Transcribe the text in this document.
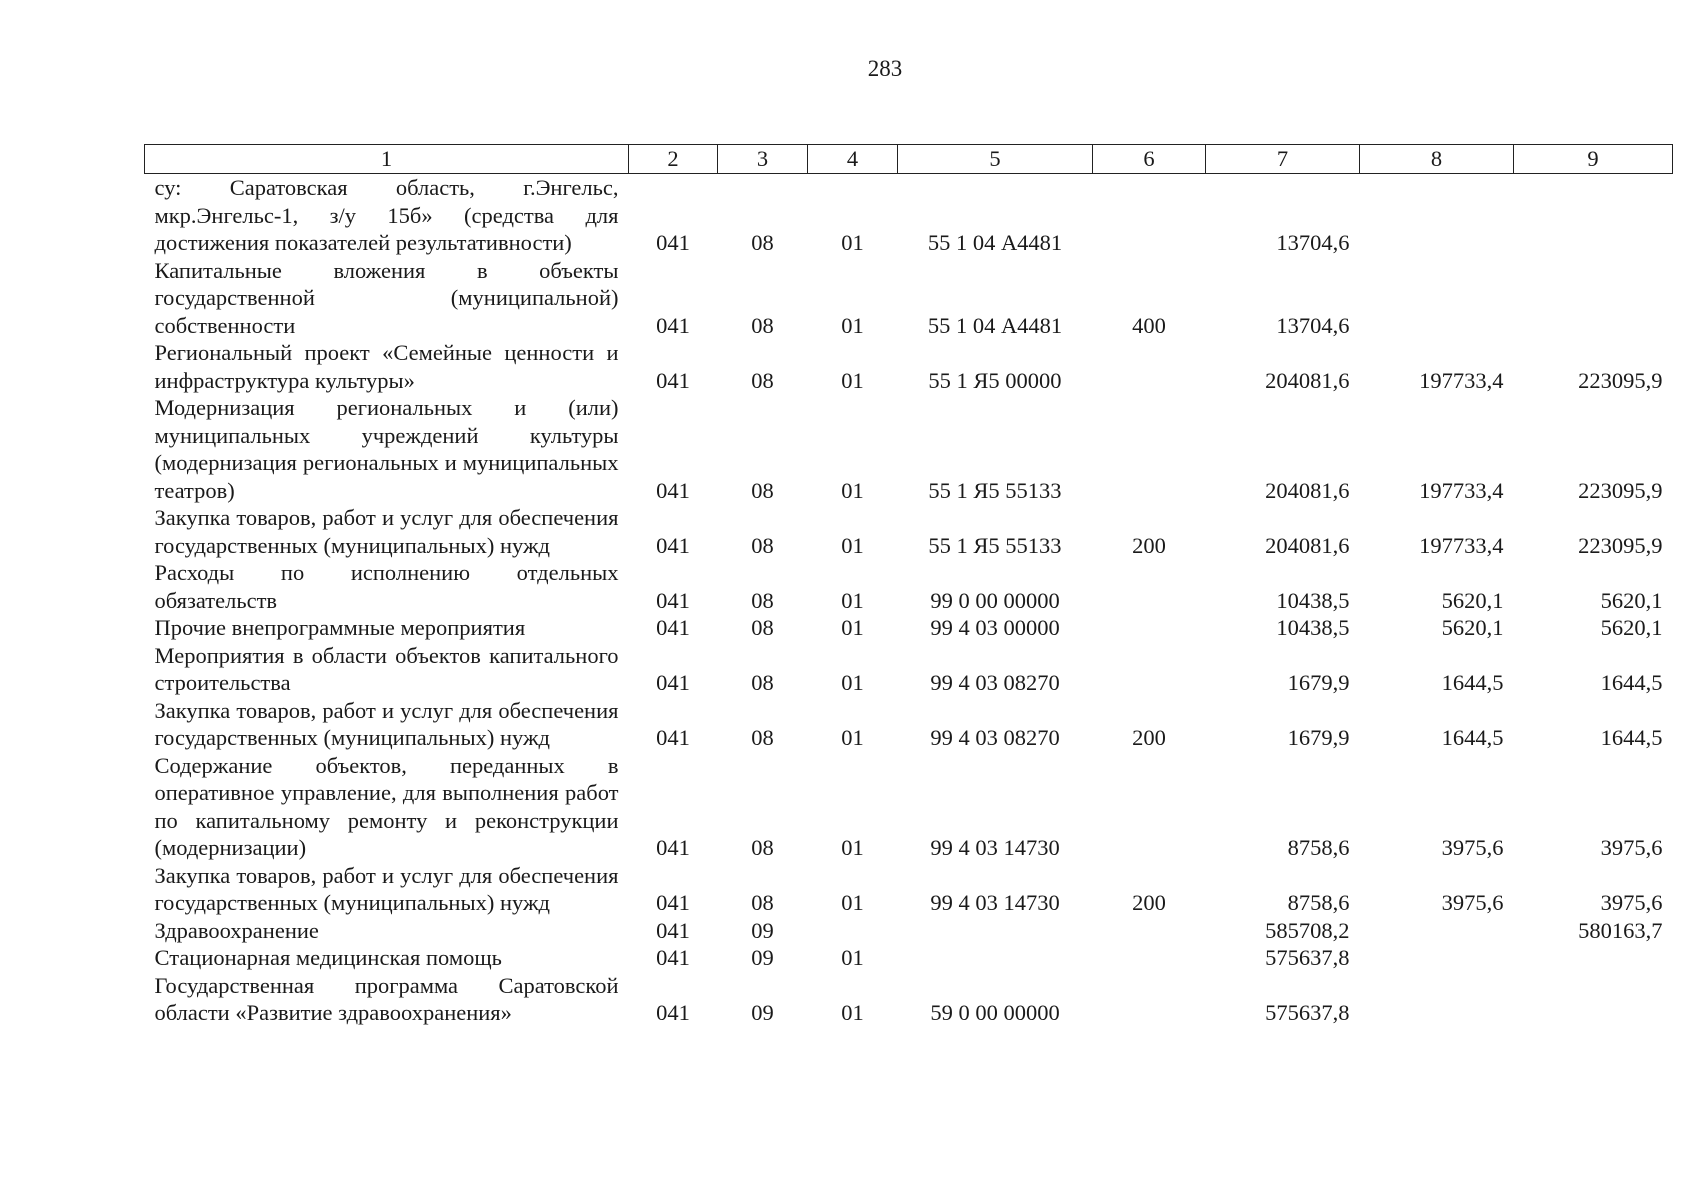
283
1	2	3	4	5	6	7	8	9
су: Саратовская область, г.Энгельс, мкр.Энгельс-1, з/у 15б» (средства для достижения показателей результативности)	041	08	01	55 1 04 А4481		13704,6		
Капитальные вложения в объекты государственной (муниципальной) собственности	041	08	01	55 1 04 А4481	400	13704,6		
Региональный проект «Семейные ценности и инфраструктура культуры»	041	08	01	55 1 Я5 00000		204081,6	197733,4	223095,9
Модернизация региональных и (или) муниципальных учреждений культуры (модернизация региональных и муниципальных театров)	041	08	01	55 1 Я5 55133		204081,6	197733,4	223095,9
Закупка товаров, работ и услуг для обеспечения государственных (муниципальных) нужд	041	08	01	55 1 Я5 55133	200	204081,6	197733,4	223095,9
Расходы по исполнению отдельных обязательств	041	08	01	99 0 00 00000		10438,5	5620,1	5620,1
Прочие внепрограммные мероприятия	041	08	01	99 4 03 00000		10438,5	5620,1	5620,1
Мероприятия в области объектов капитального строительства	041	08	01	99 4 03 08270		1679,9	1644,5	1644,5
Закупка товаров, работ и услуг для обеспечения государственных (муниципальных) нужд	041	08	01	99 4 03 08270	200	1679,9	1644,5	1644,5
Содержание объектов, переданных в оперативное управление, для выполнения работ по капитальному ремонту и реконструкции (модернизации)	041	08	01	99 4 03 14730		8758,6	3975,6	3975,6
Закупка товаров, работ и услуг для обеспечения государственных (муниципальных) нужд	041	08	01	99 4 03 14730	200	8758,6	3975,6	3975,6
Здравоохранение	041	09				585708,2		580163,7
Стационарная медицинская помощь	041	09	01			575637,8		
Государственная программа Саратовской области «Развитие здравоохранения»	041	09	01	59 0 00 00000		575637,8		
